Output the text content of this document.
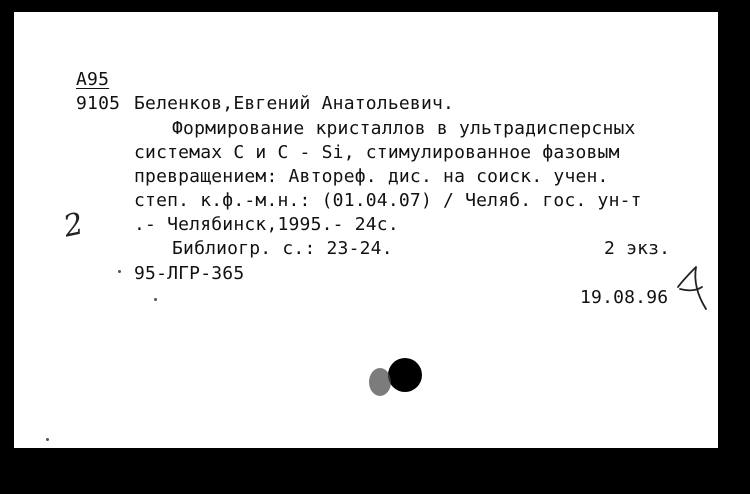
А95
9105 Беленков,Евгений Анатольевич.
Формирование кристаллов в ультрадисперсных
системах С и С - Si, стимулированное фазовым
превращением: Автореф. дис. на соиск. учен.
степ. к.ф.-м.н.: (01.04.07) / Челяб. гос. ун-т
.- Челябинск,1995.- 24с.
Библиогр. с.: 23-24.	2 экз.
95-ЛГР-365
19.08.96
2
